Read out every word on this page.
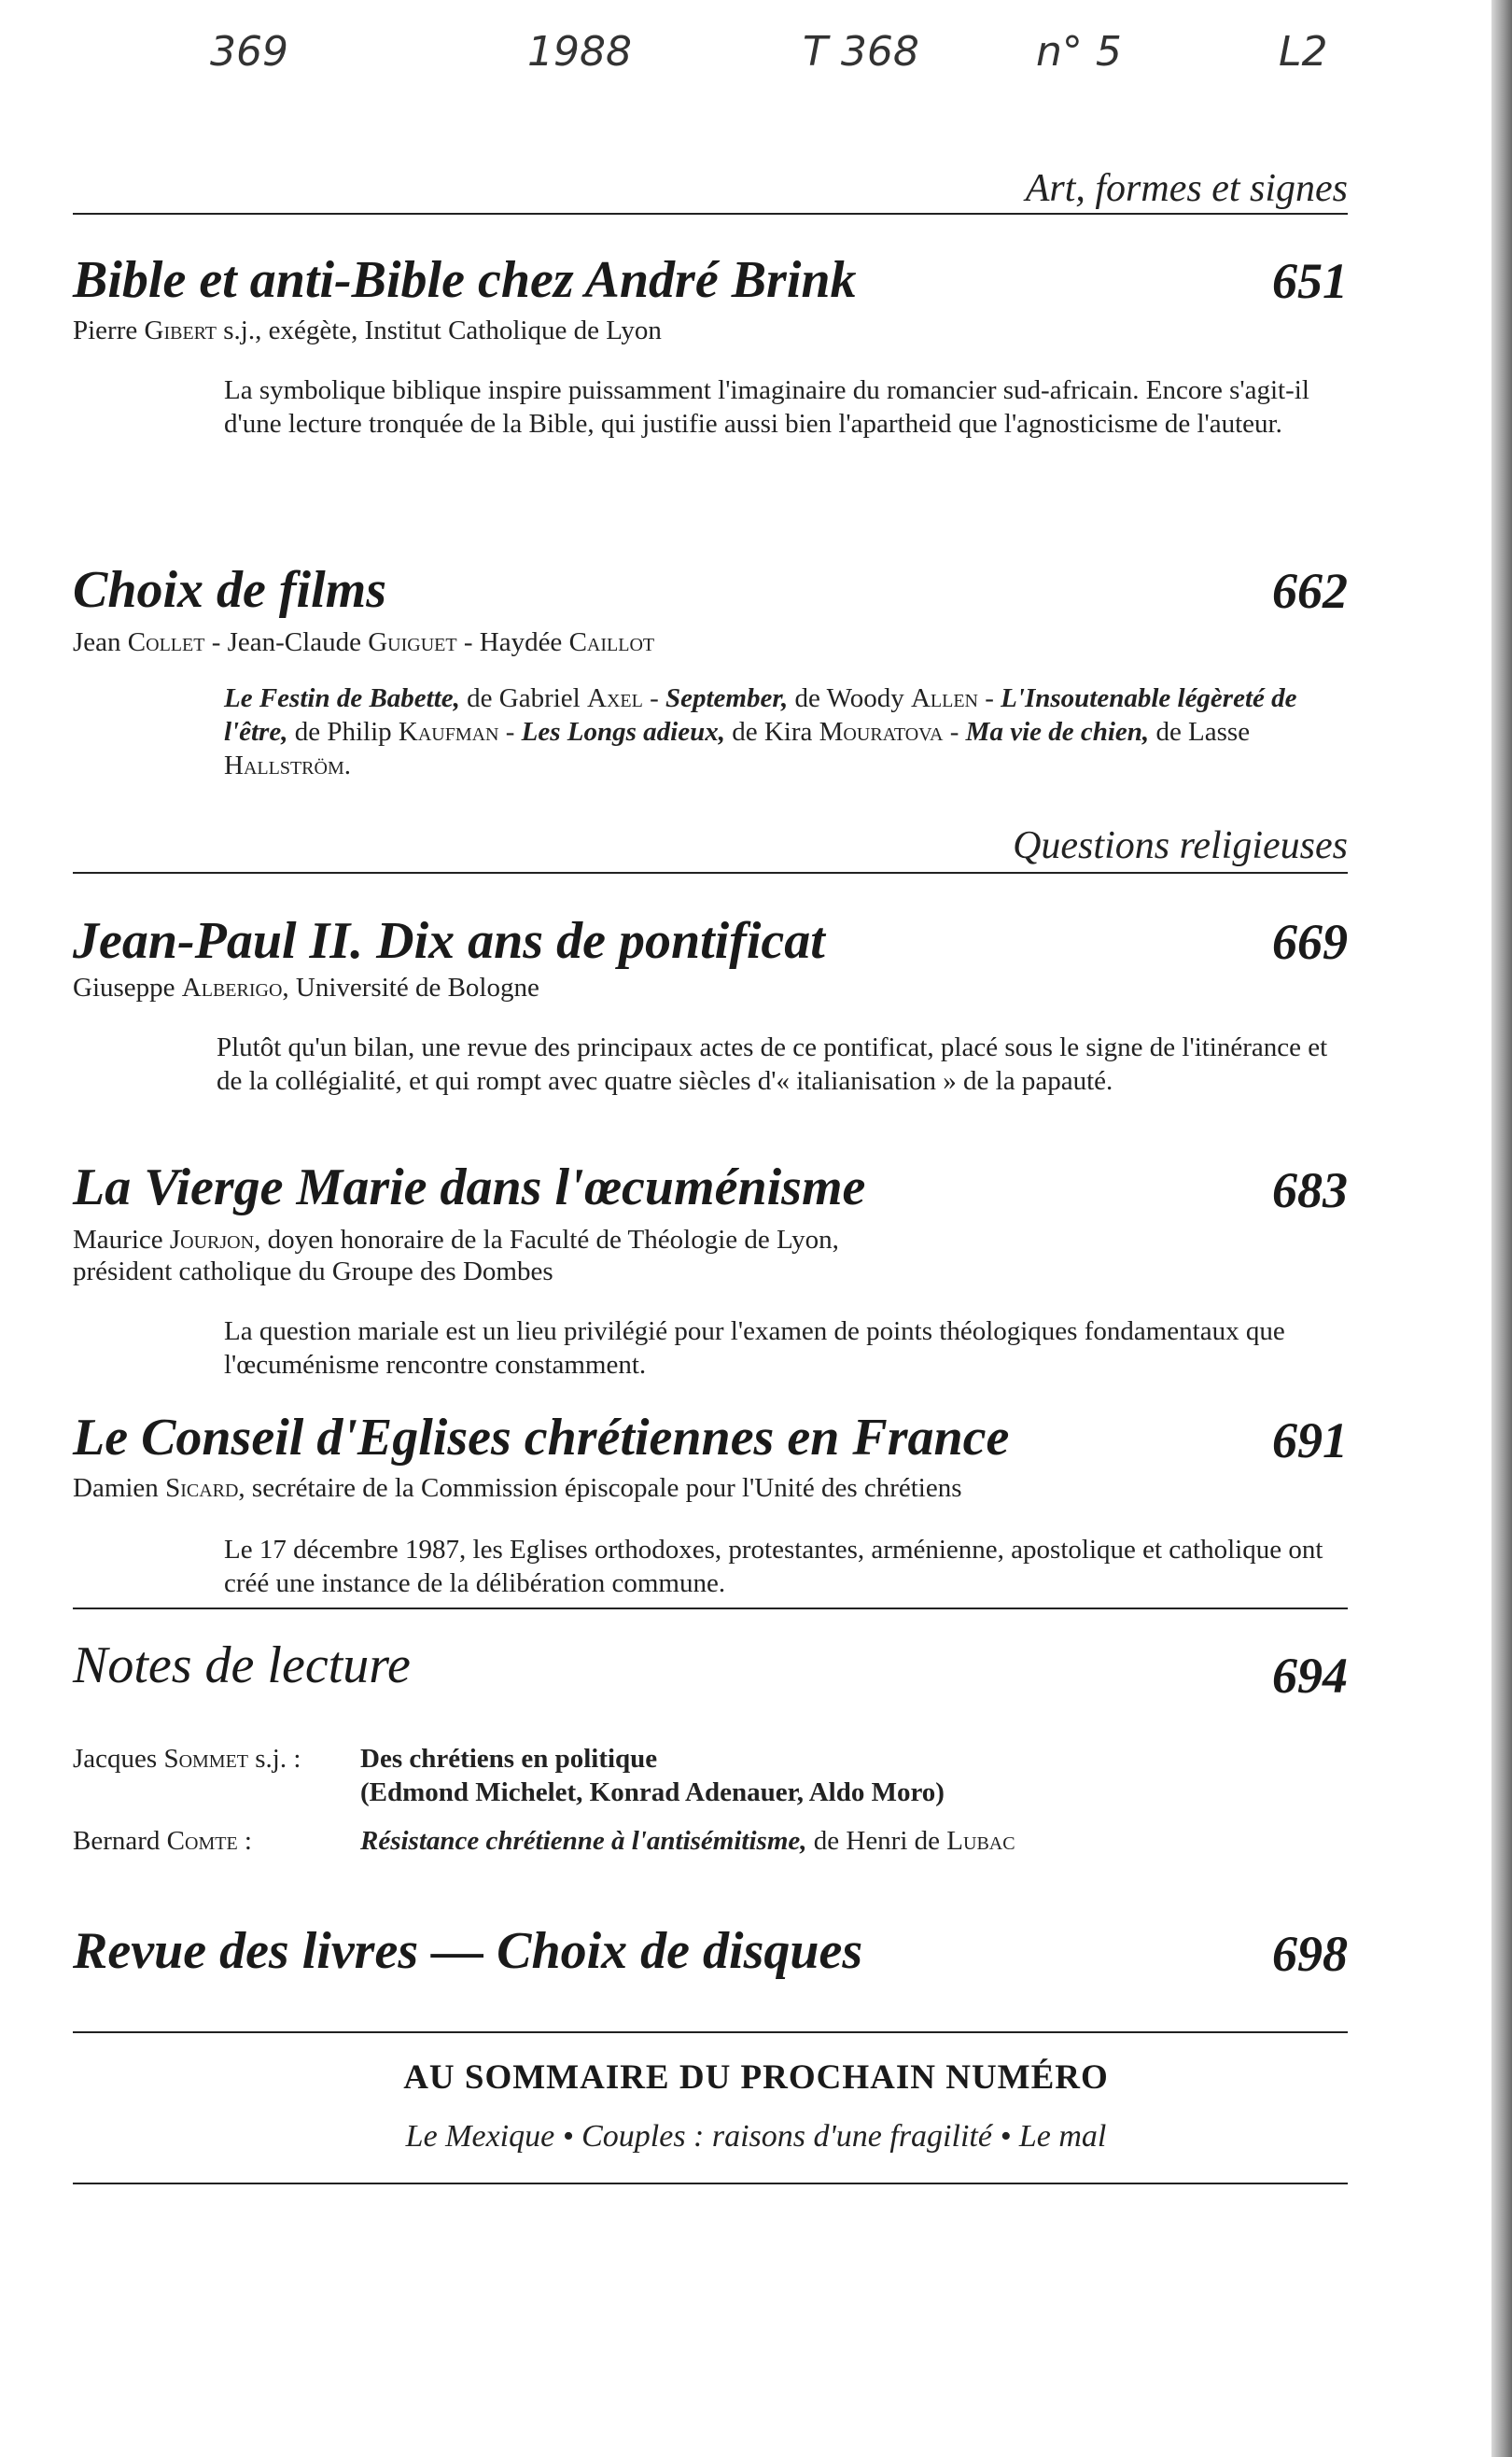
369	1988	T 368	n° 5	L2
Art, formes et signes
Bible et anti-Bible chez André Brink	651
Pierre Gibert s.j., exégète, Institut Catholique de Lyon
La symbolique biblique inspire puissamment l'imaginaire du romancier sud-africain. Encore s'agit-il d'une lecture tronquée de la Bible, qui justifie aussi bien l'apartheid que l'agnosticisme de l'auteur.
Choix de films	662
Jean Collet - Jean-Claude Guiguet - Haydée Caillot
Le Festin de Babette, de Gabriel Axel - September, de Woody Allen - L'Insoutenable légèreté de l'être, de Philip Kaufman - Les Longs adieux, de Kira Mouratova - Ma vie de chien, de Lasse Hallström.
Questions religieuses
Jean-Paul II. Dix ans de pontificat	669
Giuseppe Alberigo, Université de Bologne
Plutôt qu'un bilan, une revue des principaux actes de ce pontificat, placé sous le signe de l'itinérance et de la collégialité, et qui rompt avec quatre siècles d'« italianisation » de la papauté.
La Vierge Marie dans l'œcuménisme	683
Maurice Jourjon, doyen honoraire de la Faculté de Théologie de Lyon,
président catholique du Groupe des Dombes
La question mariale est un lieu privilégié pour l'examen de points théologiques fondamentaux que l'œcuménisme rencontre constamment.
Le Conseil d'Eglises chrétiennes en France	691
Damien Sicard, secrétaire de la Commission épiscopale pour l'Unité des chrétiens
Le 17 décembre 1987, les Eglises orthodoxes, protestantes, arménienne, apostolique et catholique ont créé une instance de la délibération commune.
Notes de lecture	694
Jacques Sommet s.j. : Des chrétiens en politique
(Edmond Michelet, Konrad Adenauer, Aldo Moro)
Bernard Comte :	Résistance chrétienne à l'antisémitisme, de Henri de Lubac
Revue des livres — Choix de disques	698
AU SOMMAIRE DU PROCHAIN NUMÉRO
Le Mexique • Couples : raisons d'une fragilité • Le mal
